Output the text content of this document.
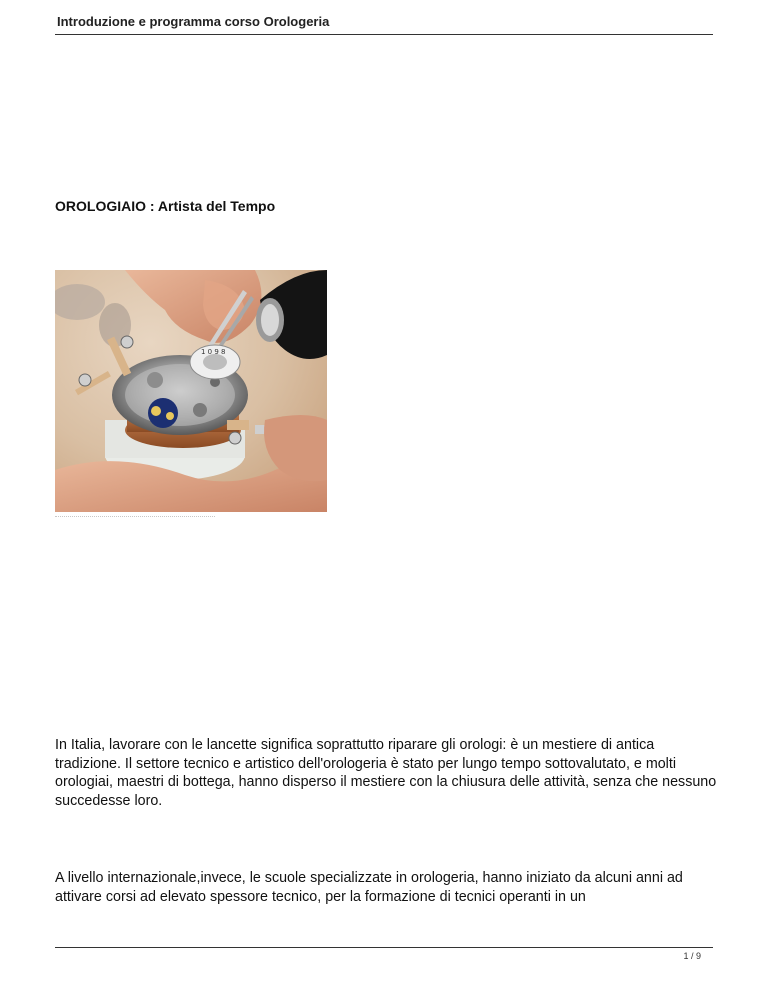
Introduzione e programma corso Orologeria
OROLOGIAIO : Artista del Tempo
1 0 9 8

In Italia, lavorare con le lancette significa soprattutto riparare gli orologi: è un mestiere di antica tradizione. Il settore tecnico e artistico dell'orologeria è stato per lungo tempo sottovalutato, e molti orologiai, maestri di bottega, hanno disperso il mestiere con la chiusura delle attività, senza che nessuno succedesse loro.

A livello internazionale,invece, le scuole specializzate in orologeria, hanno iniziato da alcuni anni ad attivare corsi ad elevato spessore tecnico, per la formazione di tecnici operanti in un

1 / 9
